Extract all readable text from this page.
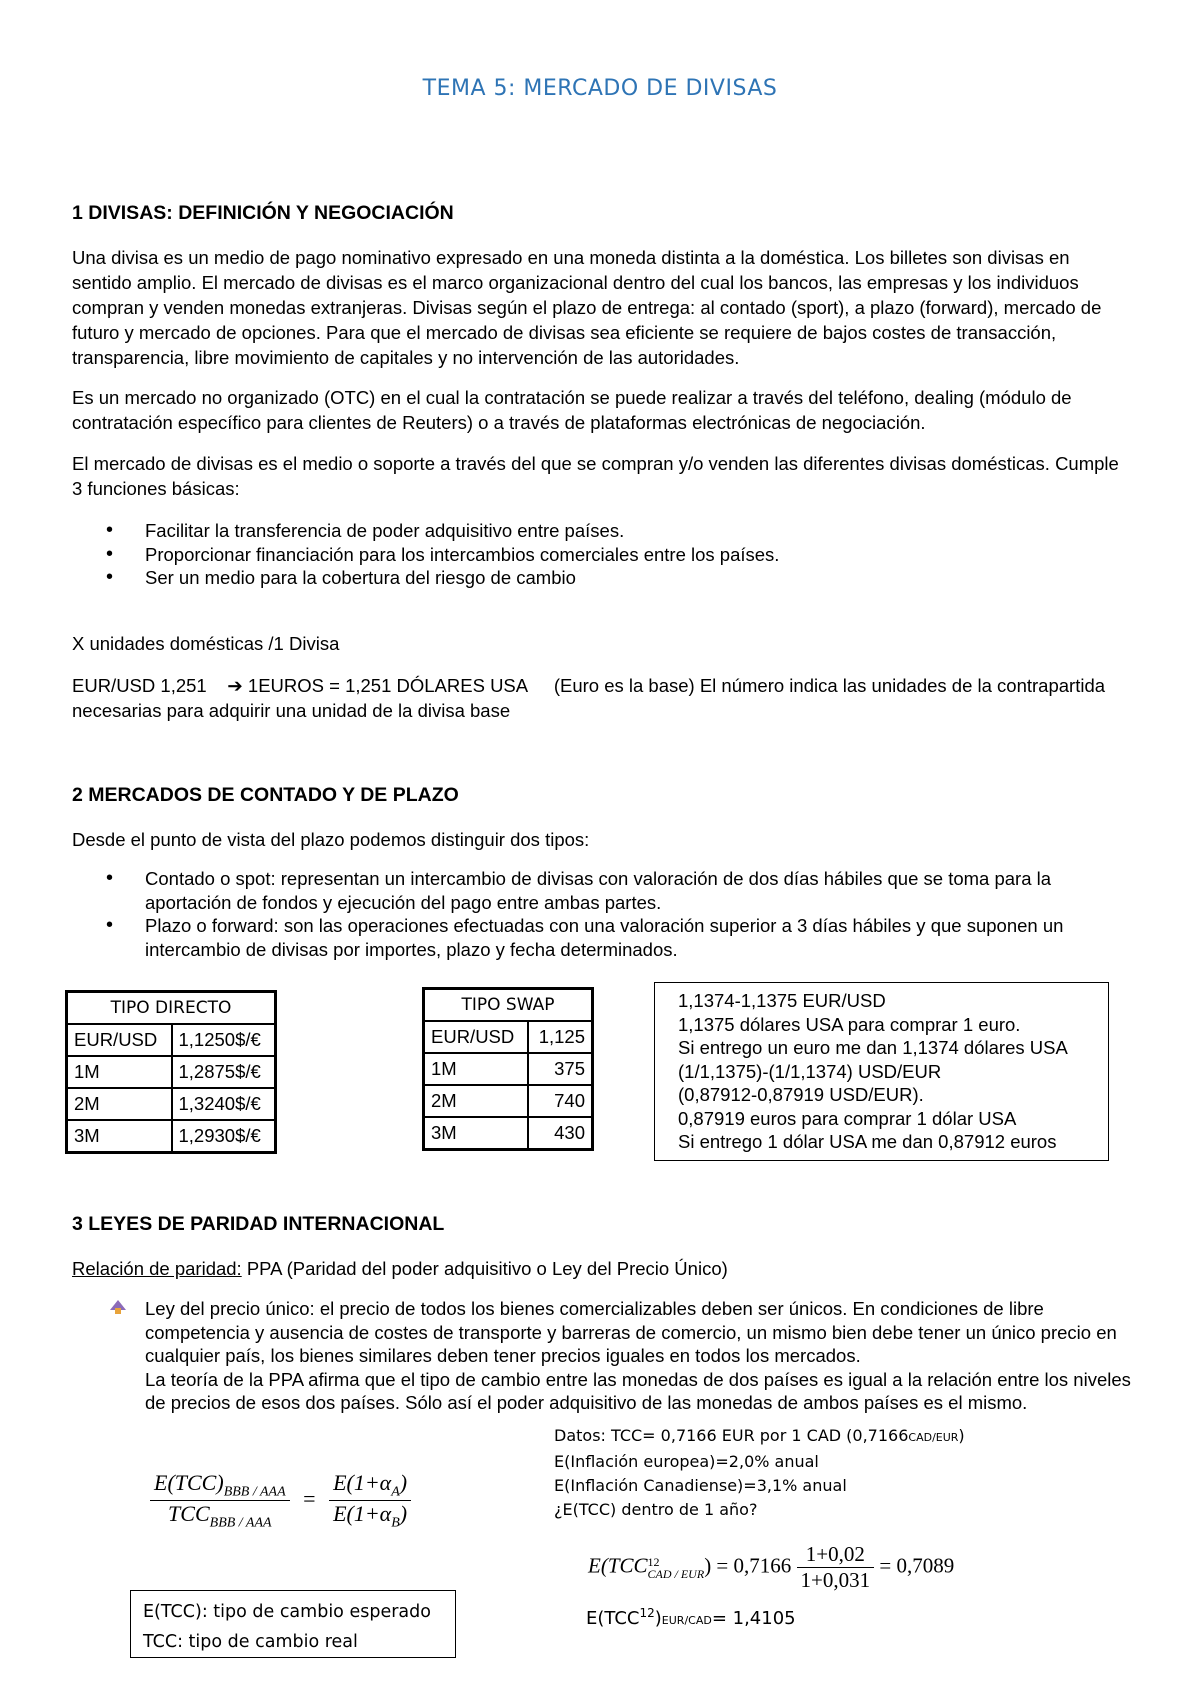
TEMA 5: MERCADO DE DIVISAS
1 DIVISAS: DEFINICIÓN Y NEGOCIACIÓN
Una divisa es un medio de pago nominativo expresado en una moneda distinta a la doméstica. Los billetes son divisas en sentido amplio. El mercado de divisas es el marco organizacional dentro del cual los bancos, las empresas y los individuos compran y venden monedas extranjeras. Divisas según el plazo de entrega: al contado (sport), a plazo (forward), mercado de futuro y mercado de opciones. Para que el mercado de divisas sea eficiente se requiere de bajos costes de transacción, transparencia, libre movimiento de capitales y no intervención de las autoridades.
Es un mercado no organizado (OTC) en el cual la contratación se puede realizar a través del teléfono, dealing (módulo de contratación específico para clientes de Reuters) o a través de plataformas electrónicas de negociación.
El mercado de divisas es el medio o soporte a través del que se compran y/o venden las diferentes divisas domésticas. Cumple 3 funciones básicas:
• Facilitar la transferencia de poder adquisitivo entre países.
• Proporcionar financiación para los intercambios comerciales entre los países.
• Ser un medio para la cobertura del riesgo de cambio
X unidades domésticas /1 Divisa
EUR/USD 1,251 ➔ 1EUROS = 1,251 DÓLARES USA (Euro es la base) El número indica las unidades de la contrapartida necesarias para adquirir una unidad de la divisa base
2 MERCADOS DE CONTADO Y DE PLAZO
Desde el punto de vista del plazo podemos distinguir dos tipos:
• Contado o spot: representan un intercambio de divisas con valoración de dos días hábiles que se toma para la aportación de fondos y ejecución del pago entre ambas partes.
• Plazo o forward: son las operaciones efectuadas con una valoración superior a 3 días hábiles y que suponen un intercambio de divisas por importes, plazo y fecha determinados.
TIPO DIRECTO	
EUR/USD	1,1250$/€
1M	1,2875$/€
2M	1,3240$/€
3M	1,2930$/€
TIPO SWAP	
EUR/USD	1,125
1M	375
2M	740
3M	430
1,1374-1,1375 EUR/USD
1,1375 dólares USA para comprar 1 euro.
Si entrego un euro me dan 1,1374 dólares USA
(1/1,1375)-(1/1,1374) USD/EUR
(0,87912-0,87919 USD/EUR).
0,87919 euros para comprar 1 dólar USA
Si entrego 1 dólar USA me dan 0,87912 euros
3 LEYES DE PARIDAD INTERNACIONAL
Relación de paridad: PPA (Paridad del poder adquisitivo o Ley del Precio Único)
Ley del precio único: el precio de todos los bienes comercializables deben ser únicos. En condiciones de libre competencia y ausencia de costes de transporte y barreras de comercio, un mismo bien debe tener un único precio en cualquier país, los bienes similares deben tener precios iguales en todos los mercados.
La teoría de la PPA afirma que el tipo de cambio entre las monedas de dos países es igual a la relación entre los niveles de precios de esos dos países. Sólo así el poder adquisitivo de las monedas de ambos países es el mismo.
$\frac{E(TCC)_{BBB / AAA}}{TCC_{BBB / AAA}} = \frac{E(1+\alpha_A)}{E(1+\alpha_B)}$
Datos: TCC= 0,7166 EUR por 1 CAD (0,7166CAD/EUR)
E(Inflación europea)=2,0% anual
E(Inflación Canadiense)=3,1% anual
¿E(TCC) dentro de 1 año?
E(TCC 12
CAD / EUR ) = $0,7166 \frac{1+0,02}{1+0,031} = 0,7089$
$E(TCC^{12})EUR/CAD= 1,4105$
E(TCC): tipo de cambio esperado
TCC: tipo de cambio real
